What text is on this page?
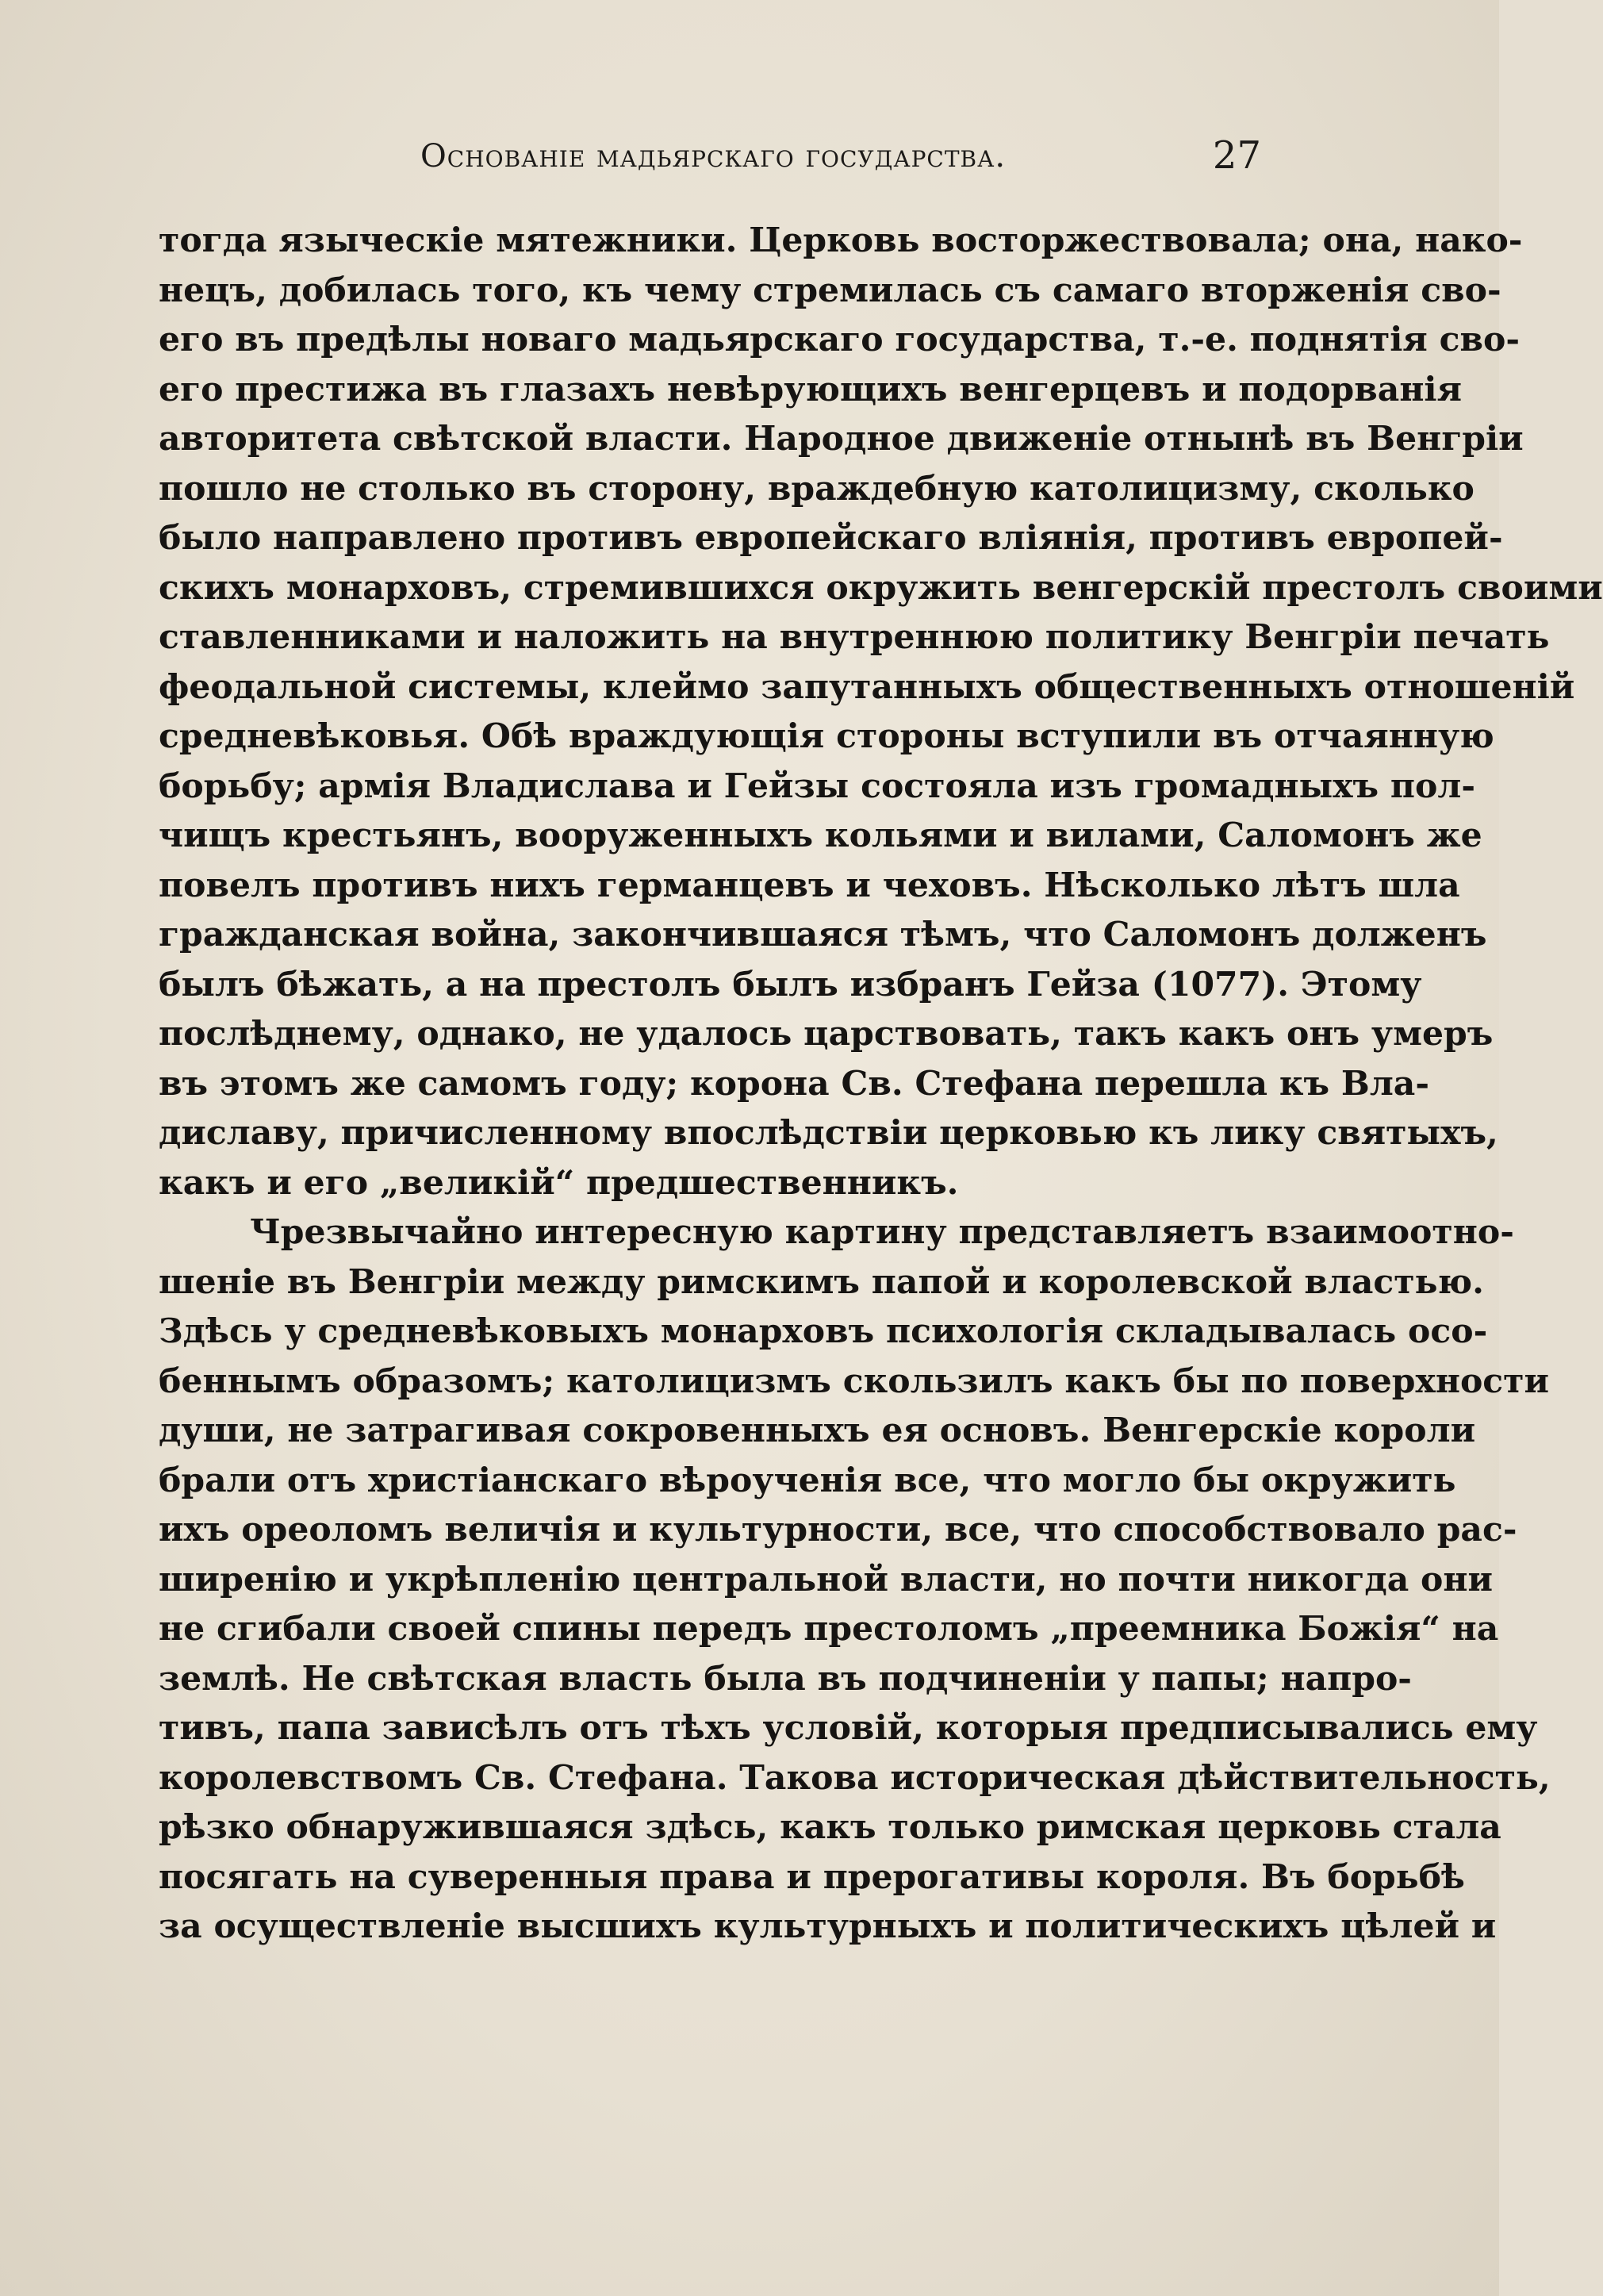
Основаніе мадьярскаго государства.	27
тогда языческіе мятежники. Церковь восторжествовала; она, нако-
нецъ, добилась того, къ чему стремилась съ самаго вторженія сво-
его въ предѣлы новаго мадьярскаго государства, т.-е. поднятія сво-
его престижа въ глазахъ невѣрующихъ венгерцевъ и подорванія
авторитета свѣтской власти. Народное движеніе отнынѣ въ Венгріи
пошло не столько въ сторону, враждебную католицизму, сколько
было направлено противъ европейскаго вліянія, противъ европей-
скихъ монарховъ, стремившихся окружить венгерскій престолъ своими
ставленниками и наложить на внутреннюю политику Венгріи печать
феодальной системы, клеймо запутанныхъ общественныхъ отношеній
средневѣковья. Обѣ враждующія стороны вступили въ отчаянную
борьбу; армія Владислава и Гейзы состояла изъ громадныхъ пол-
чищъ крестьянъ, вооруженныхъ кольями и вилами, Саломонъ же
повелъ противъ нихъ германцевъ и чеховъ. Нѣсколько лѣтъ шла
гражданская война, закончившаяся тѣмъ, что Саломонъ долженъ
былъ бѣжать, а на престолъ былъ избранъ Гейза (1077). Этому
послѣднему, однако, не удалось царствовать, такъ какъ онъ умеръ
въ этомъ же самомъ году; корона Св. Стефана перешла къ Вла-
диславу, причисленному впослѣдствіи церковью къ лику святыхъ,
какъ и его „великій“ предшественникъ.
Чрезвычайно интересную картину представляетъ взаимоотно-
шеніе въ Венгріи между римскимъ папой и королевской властью.
Здѣсь у средневѣковыхъ монарховъ психологія складывалась осо-
беннымъ образомъ; католицизмъ скользилъ какъ бы по поверхности
души, не затрагивая сокровенныхъ ея основъ. Венгерскіе короли
брали отъ христіанскаго вѣроученія все, что могло бы окружить
ихъ ореоломъ величія и культурности, все, что способствовало рас-
ширенію и укрѣпленію центральной власти, но почти никогда они
не сгибали своей спины передъ престоломъ „преемника Божія“ на
землѣ. Не свѣтская власть была въ подчиненіи у папы; напро-
тивъ, папа зависѣлъ отъ тѣхъ условій, которыя предписывались ему
королевствомъ Св. Стефана. Такова историческая дѣйствительность,
рѣзко обнаружившаяся здѣсь, какъ только римская церковь стала
посягать на суверенныя права и прерогативы короля. Въ борьбѣ
за осуществленіе высшихъ культурныхъ и политическихъ цѣлей и
